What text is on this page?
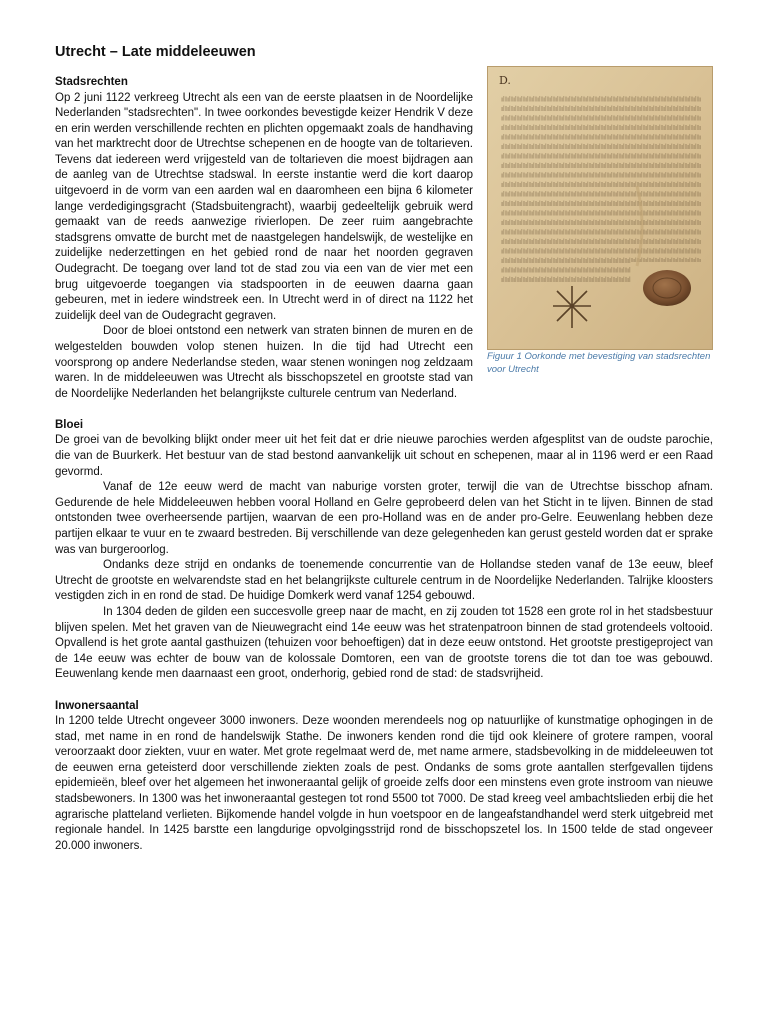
Utrecht – Late middeleeuwen
Figuur 1 Oorkonde met bevestiging van stadsrechten voor Utrecht
Stadsrechten

Op 2 juni 1122 verkreeg Utrecht als een van de eerste plaatsen in de Noordelijke Nederlanden "stadsrechten". In twee oorkondes bevestigde keizer Hendrik V deze en erin werden verschillende rechten en plichten opgemaakt zoals de handhaving van het marktrecht door de Utrechtse schepenen en de hoogte van de toltarieven. Tevens dat iedereen werd vrijgesteld van de toltarieven die moest bijdragen aan de aanleg van de Utrechtse stadswal. In eerste instantie werd die kort daarop uitgevoerd in de vorm van een aarden wal en daaromheen een bijna 6 kilometer lange verdedigingsgracht (Stadsbuitengracht), waarbij gedeeltelijk gebruik werd gemaakt van de reeds aanwezige rivierlopen. De zeer ruim aangebrachte stadsgrens omvatte de burcht met de naastgelegen handelswijk, de westelijke en zuidelijke nederzettingen en het gebied rond de naar het noorden gegraven Oudegracht. De toegang over land tot de stad zou via een van de vier met een brug uitgevoerde toegangen via stadspoorten in de eeuwen daarna gaan gebeuren, met in iedere windstreek een. In Utrecht werd in of direct na 1122 het zuidelijk deel van de Oudegracht gegraven.

Door de bloei ontstond een netwerk van straten binnen de muren en de welgestelden bouwden volop stenen huizen. In die tijd had Utrecht een voorsprong op andere Nederlandse steden, waar stenen woningen nog zeldzaam waren. In de middeleeuwen was Utrecht als bisschopszetel en grootste stad van de Noordelijke Nederlanden het belangrijkste culturele centrum van Nederland.

Bloei

De groei van de bevolking blijkt onder meer uit het feit dat er drie nieuwe parochies werden afgesplitst van de oudste parochie, die van de Buurkerk. Het bestuur van de stad bestond aanvankelijk uit schout en schepenen, maar al in 1196 werd er een Raad gevormd.

Vanaf de 12e eeuw werd de macht van naburige vorsten groter, terwijl die van de Utrechtse bisschop afnam. Gedurende de hele Middeleeuwen hebben vooral Holland en Gelre geprobeerd delen van het Sticht in te lijven. Binnen de stad ontstonden twee overheersende partijen, waarvan de een pro-Holland was en de ander pro-Gelre. Eeuwenlang hebben deze partijen elkaar te vuur en te zwaard bestreden. Bij verschillende van deze gelegenheden kan gerust gesteld worden dat er sprake was van burgeroorlog.

Ondanks deze strijd en ondanks de toenemende concurrentie van de Hollandse steden vanaf de 13e eeuw, bleef Utrecht de grootste en welvarendste stad en het belangrijkste culturele centrum in de Noordelijke Nederlanden. Talrijke kloosters vestigden zich in en rond de stad. De huidige Domkerk werd vanaf 1254 gebouwd.

In 1304 deden de gilden een succesvolle greep naar de macht, en zij zouden tot 1528 een grote rol in het stadsbestuur blijven spelen. Met het graven van de Nieuwegracht eind 14e eeuw was het stratenpatroon binnen de stad grotendeels voltooid. Opvallend is het grote aantal gasthuizen (tehuizen voor behoeftigen) dat in deze eeuw ontstond. Het grootste prestigeproject van de 14e eeuw was echter de bouw van de kolossale Domtoren, een van de grootste torens die tot dan toe was gebouwd. Eeuwenlang kende men daarnaast een groot, onderhorig, gebied rond de stad: de stadsvrijheid.

Inwonersaantal

In 1200 telde Utrecht ongeveer 3000 inwoners. Deze woonden merendeels nog op natuurlijke of kunstmatige ophogingen in de stad, met name in en rond de handelswijk Stathe. De inwoners kenden rond die tijd ook kleinere of grotere rampen, vooral veroorzaakt door ziekten, vuur en water. Met grote regelmaat werd de, met name armere, stadsbevolking in de middeleeuwen tot de eeuwen erna geteisterd door verschillende ziekten zoals de pest. Ondanks de soms grote aantallen sterfgevallen tijdens epidemieën, bleef over het algemeen het inwoneraantal gelijk of groeide zelfs door een minstens even grote instroom van nieuwe stadsbewoners. In 1300 was het inwoneraantal gestegen tot rond 5500 tot 7000. De stad kreeg veel ambachtslieden erbij die het agrarische platteland verlieten. Bijkomende handel volgde in hun voetspoor en de langeafstandhandel werd sterk uitgebreid met regionale handel. In 1425 barstte een langdurige opvolgingsstrijd rond de bisschopszetel los. In 1500 telde de stad ongeveer 20.000 inwoners.
